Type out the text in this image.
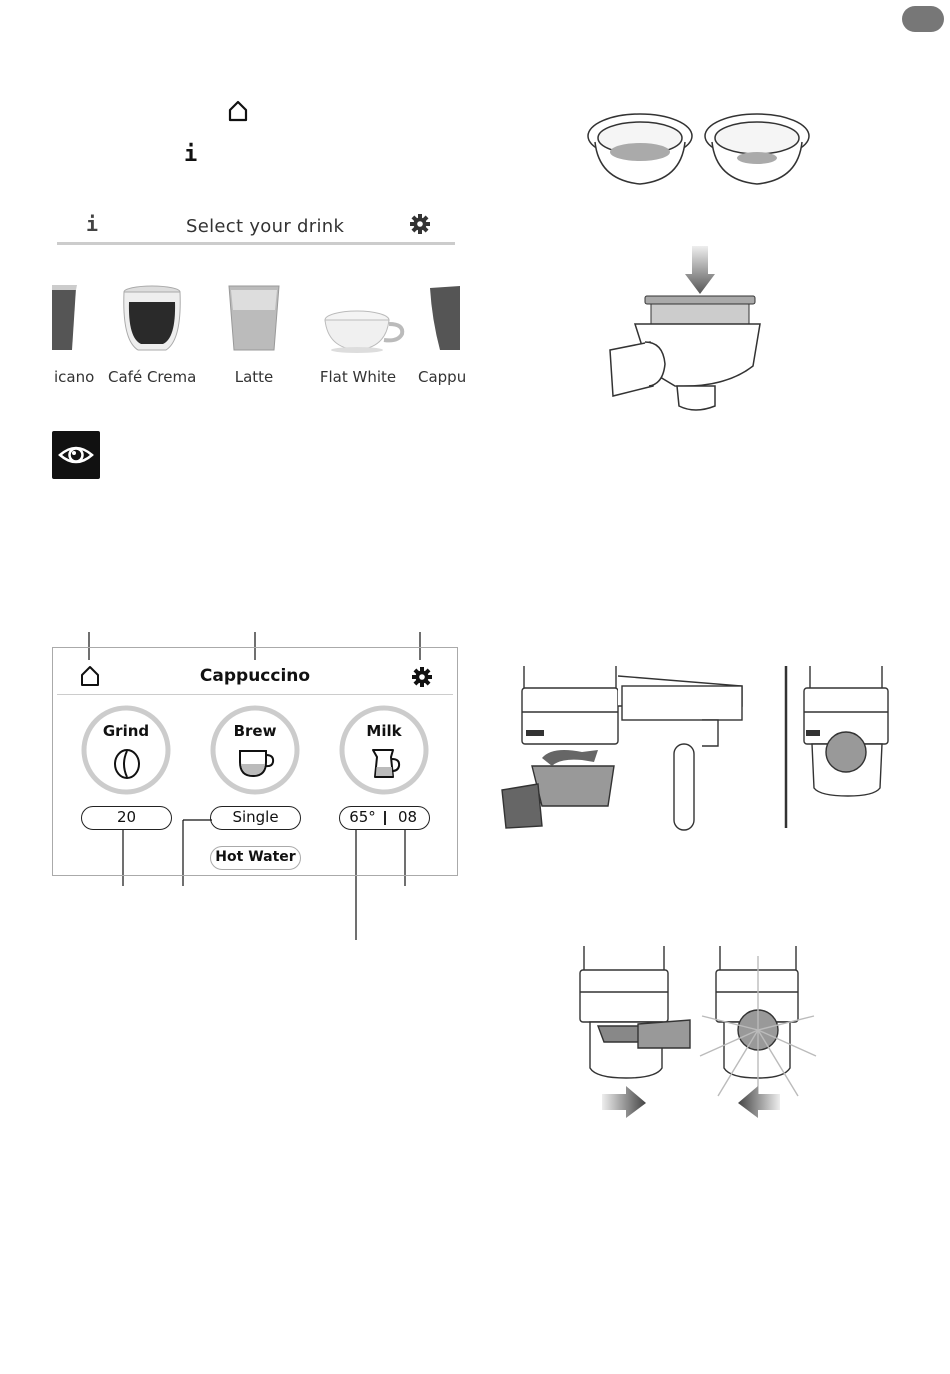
i
i	Select your drink
icano Café Crema	Latte	Flat White Cappu
Cappuccino
Grind	Brew	Milk
20	Single	65°	08
Hot Water
